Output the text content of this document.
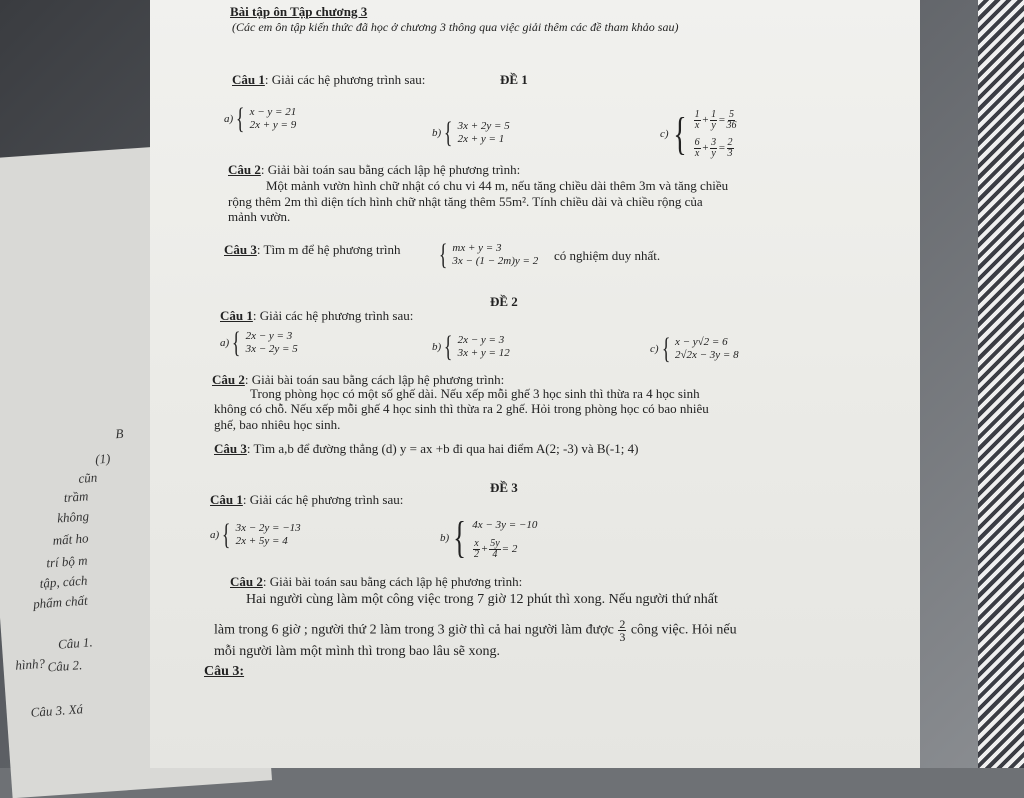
B
(1)
cũn
trầm
không
mất ho
trí bộ m
tập, cách
phẩm chất
Câu 1.
Câu 2.
hình?
Câu 3. Xá
Bài tập ôn Tập chương 3
(Các em ôn tập kiến thức đã học ở chương 3 thông qua việc giải thêm các đề tham khảo sau)
ĐỀ 1
Câu 1: Giải các hệ phương trình sau:
a) { x − y = 21
2x + y = 9
b) { 3x + 2y = 5
2x + y = 1	c) { $\frac{1}{x} + \frac{1}{y} = \frac{5}{36}$
$\frac{6}{x} + \frac{3}{y} = \frac{2}{3}$
Câu 2: Giải bài toán sau bằng cách lập hệ phương trình:
Một mảnh vườn hình chữ nhật có chu vi 44 m, nếu tăng chiều dài thêm 3m và tăng chiều
rộng thêm 2m thì diện tích hình chữ nhật tăng thêm 55m². Tính chiều dài và chiều rộng của
mảnh vườn.
Câu 3: Tìm m để hệ phương trình { mx + y = 3
3x − (1 − 2m)y = 2 có nghiệm duy nhất.
ĐỀ 2
Câu 1: Giải các hệ phương trình sau:
a) { 2x − y = 3
3x − 2y = 5	b) { 2x − y = 3
3x + y = 12	c) { x − y√2 = 6
2√2x − 3y = 8
Câu 2: Giải bài toán sau bằng cách lập hệ phương trình:
Trong phòng học có một số ghế dài. Nếu xếp mỗi ghế 3 học sinh thì thừa ra 4 học sinh
không có chỗ. Nếu xếp mỗi ghế 4 học sinh thì thừa ra 2 ghế. Hỏi trong phòng học có bao nhiêu
ghế, bao nhiêu học sinh.
Câu 3: Tìm a,b để đường thẳng (d) y = ax +b đi qua hai điểm A(2; -3) và B(-1; 4)
ĐỀ 3
Câu 1: Giải các hệ phương trình sau:
a) { 3x − 2y = −13
2x + 5y = 4	b) { 4x − 3y = −10
$\frac{x}{2} + \frac{5y}{4} = 2$
Câu 2: Giải bài toán sau bằng cách lập hệ phương trình:
Hai người cùng làm một công việc trong 7 giờ 12 phút thì xong. Nếu người thứ nhất
làm trong 6 giờ ; người thứ 2 làm trong 3 giờ thì cả hai người làm được $\frac{2}{3}$ công việc. Hỏi nếu
mỗi người làm một mình thì trong bao lâu sẽ xong.
Câu 3:
